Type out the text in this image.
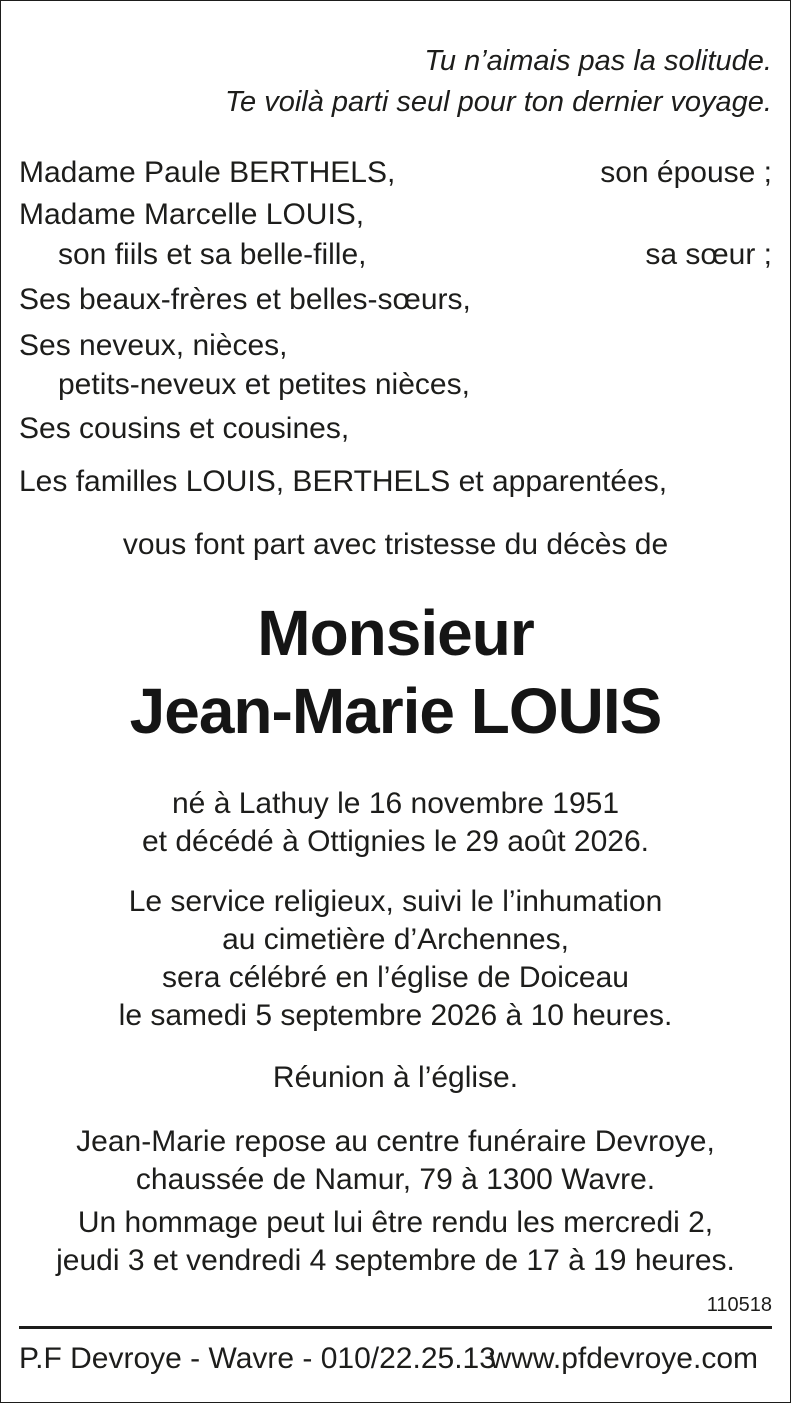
Tu n’aimais pas la solitude.
Te voilà parti seul pour ton dernier voyage.
Madame Paule BERTHELS,	son épouse ;
Madame Marcelle LOUIS,
son fiils et sa belle-fille,	sa sœur ;
Ses beaux-frères et belles-sœurs,
Ses neveux, nièces,
petits-neveux et petites nièces,
Ses cousins et cousines,
Les familles LOUIS, BERTHELS et apparentées,
vous font part avec tristesse du décès de
Monsieur
Jean-Marie LOUIS
né à Lathuy le 16 novembre 1951
et décédé à Ottignies le 29 août 2026.
Le service religieux, suivi le l’inhumation
au cimetière d’Archennes,
sera célébré en l’église de Doiceau
le samedi 5 septembre 2026 à 10 heures.
Réunion à l’église.
Jean-Marie repose au centre funéraire Devroye,
chaussée de Namur, 79 à 1300 Wavre.
Un hommage peut lui être rendu les mercredi 2,
jeudi 3 et vendredi 4 septembre de 17 à 19 heures.
110518
P.F Devroye - Wavre - 010/22.25.13
www.pfdevroye.com
